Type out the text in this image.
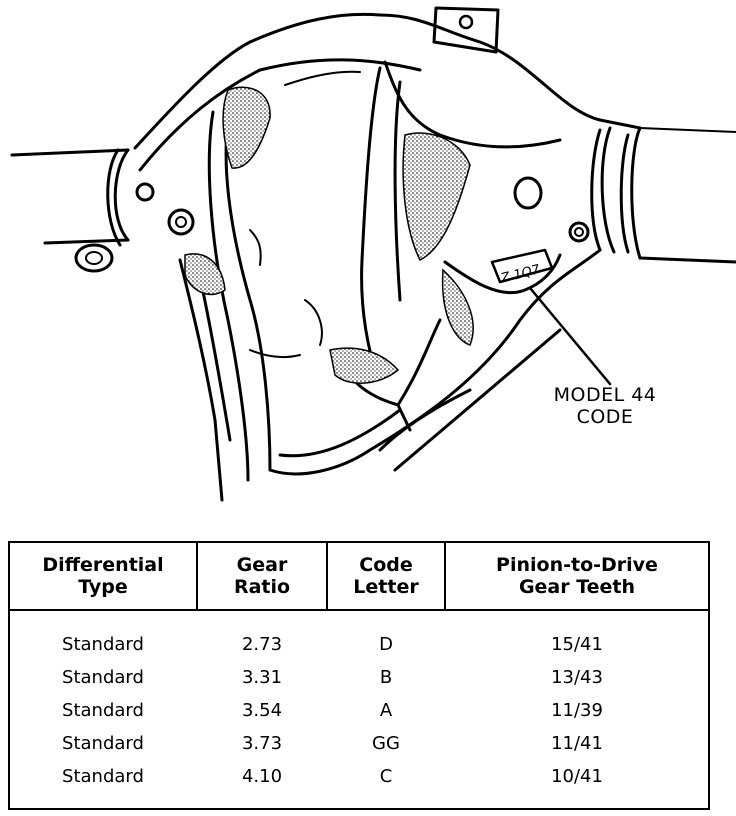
Z 1Q7
MODEL 44
CODE
Differential
Type
Gear
Ratio
Code
Letter
Pinion-to-Drive
Gear Teeth
Standard	2.73	D	15/41
Standard	3.31	B	13/43
Standard	3.54	A	11/39
Standard	3.73	GG	11/41
Standard	4.10	C	10/41
